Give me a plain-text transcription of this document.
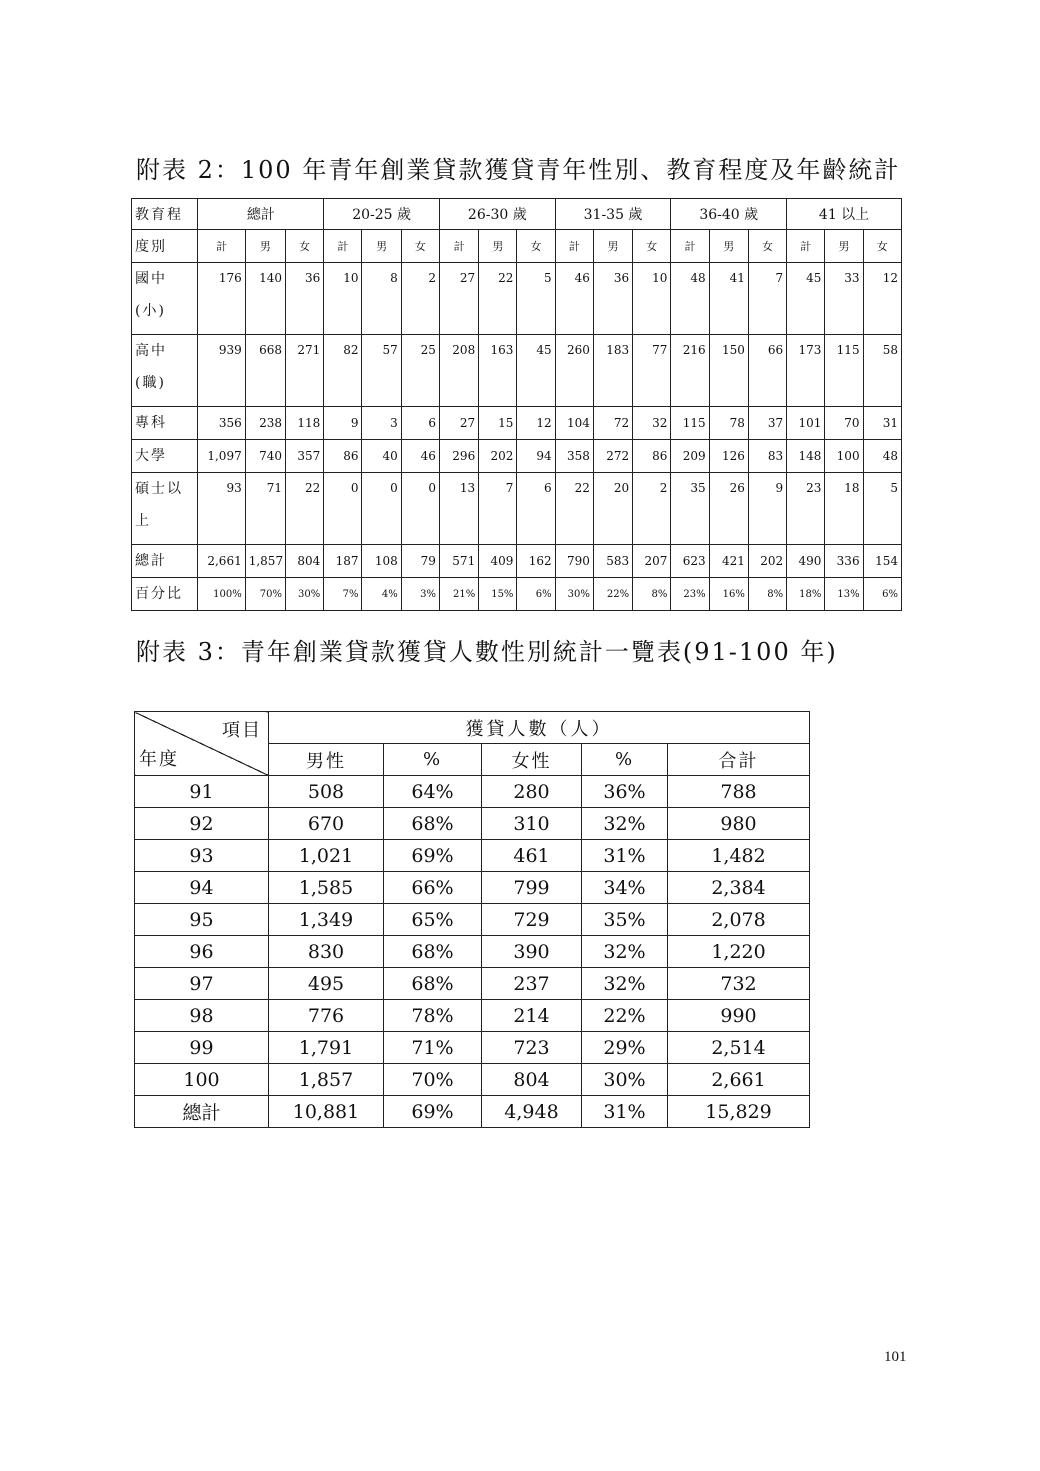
附表 2：100 年青年創業貸款獲貸青年性別、教育程度及年齡統計
教育程	總計			20-25 歲			26-30 歲			31-35 歲			36-40 歲			41 以上		
度別	計	男	女	計	男	女	計	男	女	計	男	女	計	男	女	計	男	女

國中
(小)	176	140	36	10	8	2	27	22	5	46	36	10	48	41	7	45	33	12

高中
(職)	939	668	271	82	57	25	208	163	45	260	183	77	216	150	66	173	115	58

專科	356	238	118	9	3	6	27	15	12	104	72	32	115	78	37	101	70	31

大學	1,097	740	357	86	40	46	296	202	94	358	272	86	209	126	83	148	100	48

碩士以
上	93	71	22	0	0	0	13	7	6	22	20	2	35	26	9	23	18	5

總計	2,661	1,857	804	187	108	79	571	409	162	790	583	207	623	421	202	490	336	154

百分比	100%	70%	30%	7%	4%	3%	21%	15%	6%	30%	22%	8%	23%	16%	8%	18%	13%	6%
附表 3：青年創業貸款獲貸人數性別統計一覽表(91-100 年)
項目
年度	獲貸人數（人）				
	男性	%	女性	%	合計
91	508	64%	280	36%	788
92	670	68%	310	32%	980
93	1,021	69%	461	31%	1,482
94	1,585	66%	799	34%	2,384
95	1,349	65%	729	35%	2,078
96	830	68%	390	32%	1,220
97	495	68%	237	32%	732
98	776	78%	214	22%	990
99	1,791	71%	723	29%	2,514
100	1,857	70%	804	30%	2,661
總計	10,881	69%	4,948	31%	15,829
101
